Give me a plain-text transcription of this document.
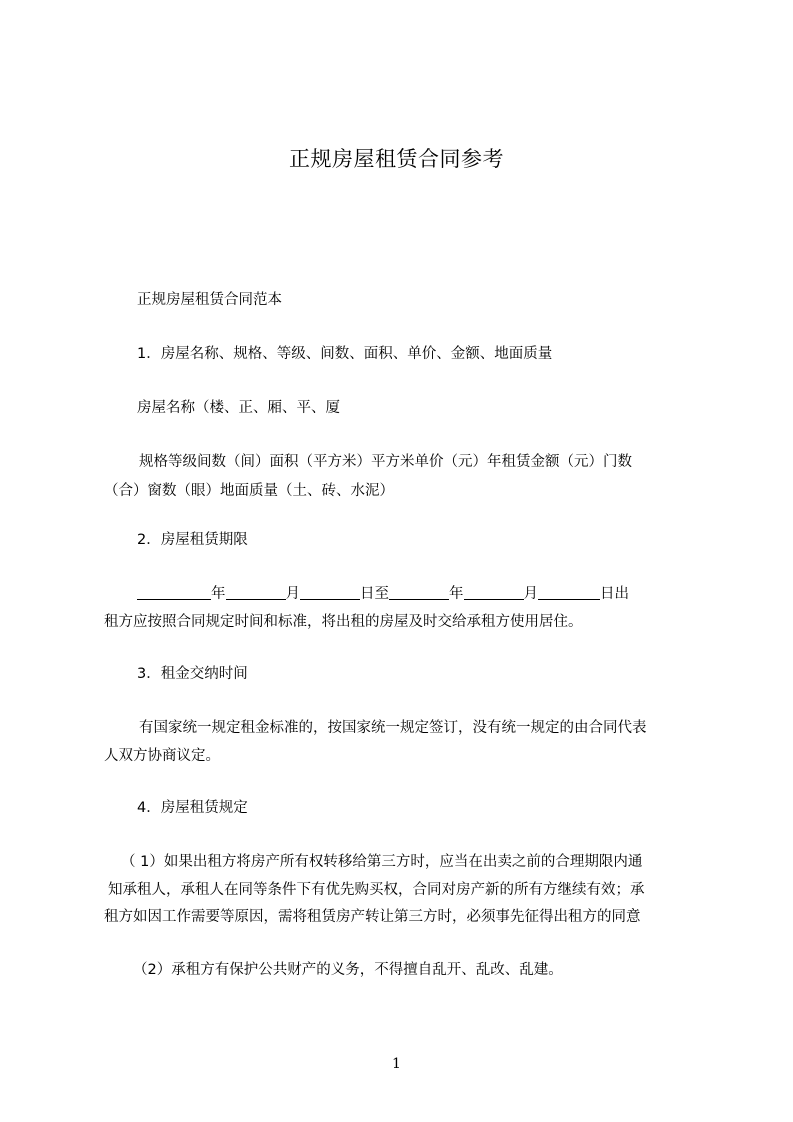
正规房屋租赁合同参考
正规房屋租赁合同范本
1．房屋名称、规格、等级、间数、面积、单价、金额、地面质量
房屋名称（楼、正、厢、平、厦
规格等级间数（间）面积（平方米）平方米单价（元）年租赁金额（元）门数
（合）窗数（眼）地面质量（土、砖、水泥）
2．房屋租赁期限
年	月	日至	年	月	日出
租方应按照合同规定时间和标准，将出租的房屋及时交给承租方使用居住。
3．租金交纳时间
有国家统一规定租金标准的，按国家统一规定签订，没有统一规定的由合同代表
人双方协商议定。
4．房屋租赁规定
（ 1）如果出租方将房产所有权转移给第三方时，应当在出卖之前的合理期限内通
知承租人，承租人在同等条件下有优先购买权，合同对房产新的所有方继续有效；承
租方如因工作需要等原因，需将租赁房产转让第三方时，必须事先征得出租方的同意
（2）承租方有保护公共财产的义务，不得擅自乱开、乱改、乱建。
1
